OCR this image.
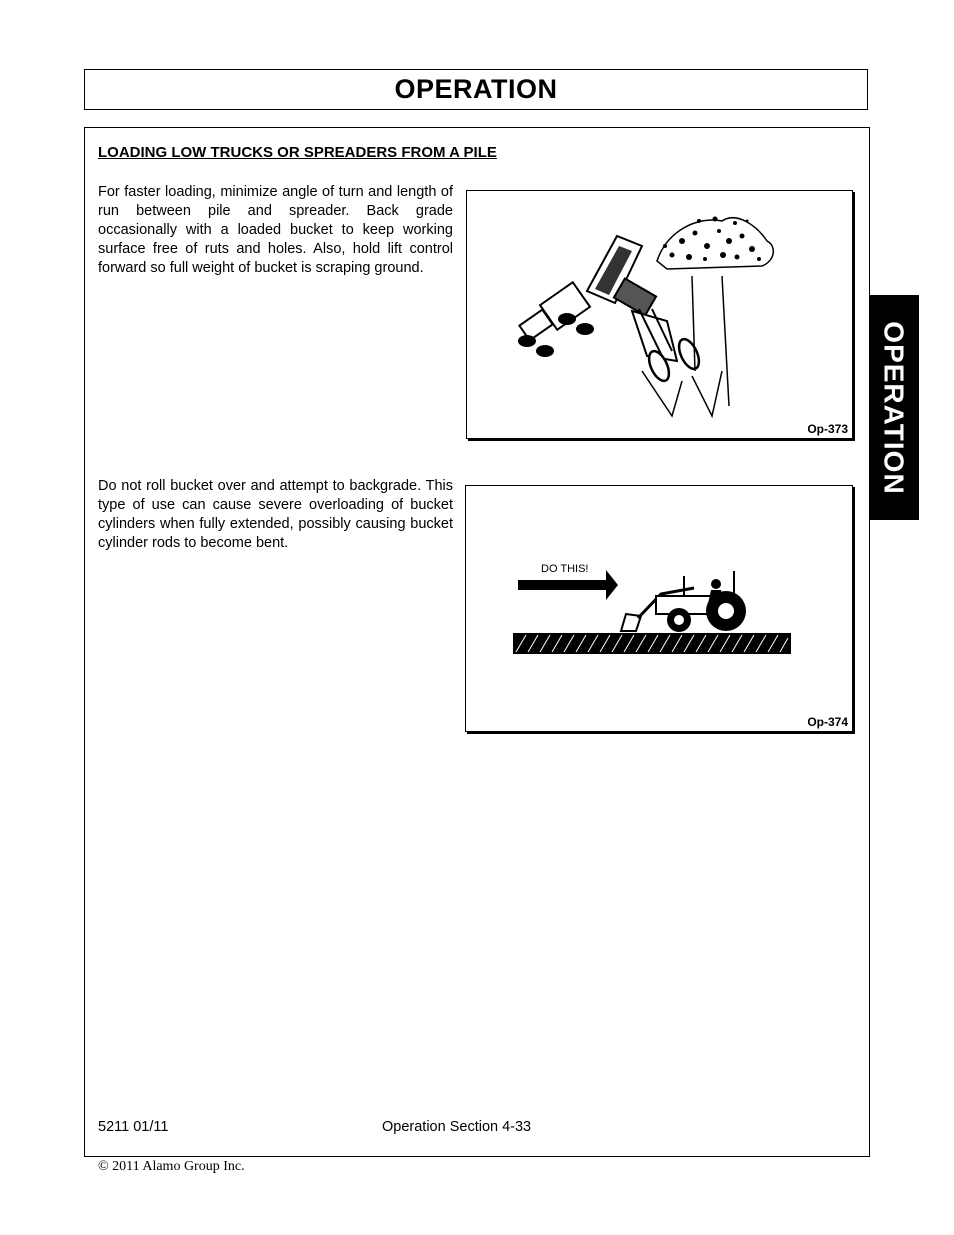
OPERATION
LOADING LOW TRUCKS OR SPREADERS FROM A PILE
For faster loading, minimize angle of turn and length of run between pile and spreader. Back grade occasionally with a loaded bucket to keep working surface free of ruts and holes. Also, hold lift control forward so full weight of bucket is scraping ground.
Do not roll bucket over and attempt to backgrade. This type of use can cause severe overloading of bucket cylinders when fully extended, possibly causing bucket cylinder rods to become bent.
Op-373
DO THIS!
Op-374
OPERATION
5211 01/11	Operation Section 4-33
© 2011 Alamo Group Inc.
